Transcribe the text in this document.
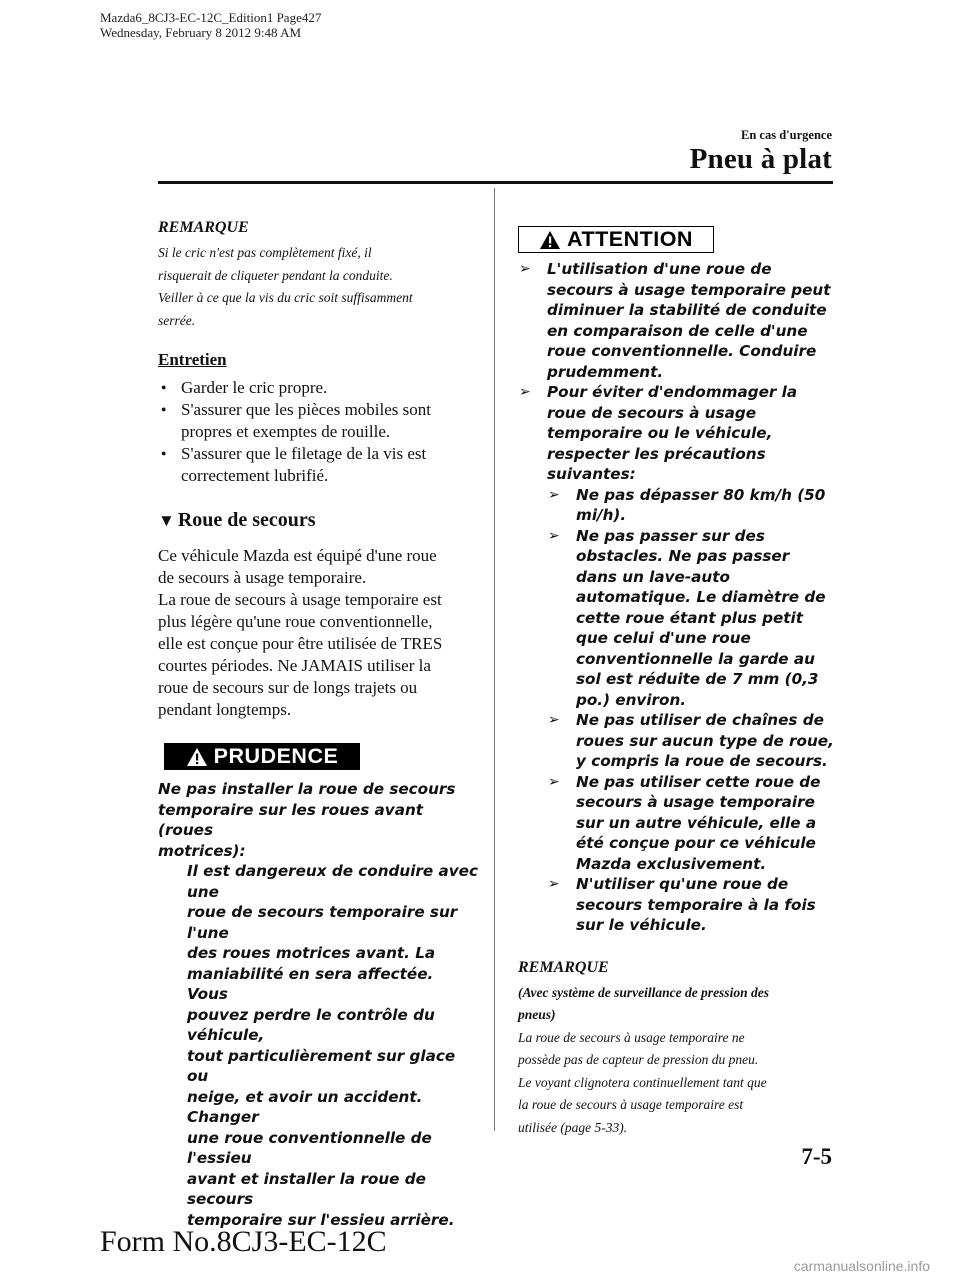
Mazda6_8CJ3-EC-12C_Edition1 Page427
Wednesday, February 8 2012 9:48 AM
En cas d'urgence
Pneu à plat
REMARQUE
Si le cric n'est pas complètement fixé, il
risquerait de cliqueter pendant la conduite.
Veiller à ce que la vis du cric soit suffisamment
serrée.
Entretien
● Garder le cric propre.
● S'assurer que les pièces mobiles sont propres et exemptes de rouille.
● S'assurer que le filetage de la vis est correctement lubrifié.
▼ Roue de secours
Ce véhicule Mazda est équipé d'une roue
de secours à usage temporaire.
La roue de secours à usage temporaire est
plus légère qu'une roue conventionnelle,
elle est conçue pour être utilisée de TRES
courtes périodes. Ne JAMAIS utiliser la
roue de secours sur de longs trajets ou
pendant longtemps.
PRUDENCE
Ne pas installer la roue de secours
temporaire sur les roues avant (roues
motrices):
Il est dangereux de conduire avec une
roue de secours temporaire sur l'une
des roues motrices avant. La
maniabilité en sera affectée. Vous
pouvez perdre le contrôle du véhicule,
tout particulièrement sur glace ou
neige, et avoir un accident. Changer
une roue conventionnelle de l'essieu
avant et installer la roue de secours
temporaire sur l'essieu arrière.
ATTENTION
➢ L'utilisation d'une roue de secours à usage temporaire peut diminuer la stabilité de conduite en comparaison de celle d'une roue conventionnelle. Conduire prudemment.
➢ Pour éviter d'endommager la roue de secours à usage temporaire ou le véhicule, respecter les précautions suivantes:
➢ Ne pas dépasser 80 km/h (50 mi/h).
➢ Ne pas passer sur des obstacles. Ne pas passer dans un lave-auto automatique. Le diamètre de cette roue étant plus petit que celui d'une roue conventionnelle la garde au sol est réduite de 7 mm (0,3 po.) environ.
➢ Ne pas utiliser de chaînes de roues sur aucun type de roue, y compris la roue de secours.
➢ Ne pas utiliser cette roue de secours à usage temporaire sur un autre véhicule, elle a été conçue pour ce véhicule Mazda exclusivement.
➢ N'utiliser qu'une roue de secours temporaire à la fois sur le véhicule.
REMARQUE
(Avec système de surveillance de pression des
pneus)
La roue de secours à usage temporaire ne
possède pas de capteur de pression du pneu.
Le voyant clignotera continuellement tant que
la roue de secours à usage temporaire est
utilisée (page 5-33).
7-5
Form No.8CJ3-EC-12C
carmanualsonline.info
